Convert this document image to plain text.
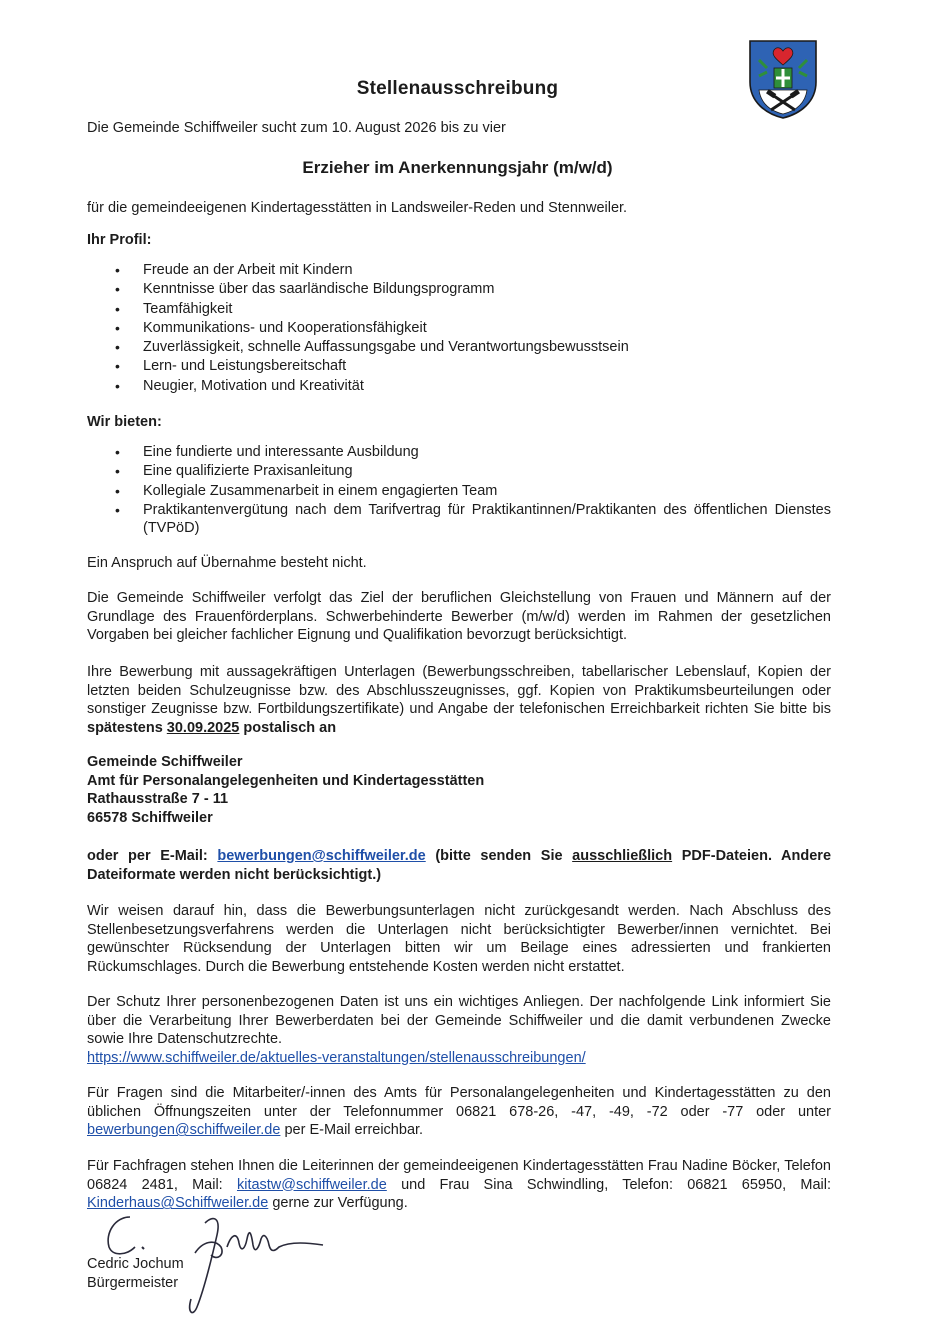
Stellenausschreibung
Die Gemeinde Schiffweiler sucht zum 10. August 2026 bis zu vier
Erzieher im Anerkennungsjahr (m/w/d)
für die gemeindeeigenen Kindertagesstätten in Landsweiler-Reden und Stennweiler.
Ihr Profil:
• Freude an der Arbeit mit Kindern
• Kenntnisse über das saarländische Bildungsprogramm
• Teamfähigkeit
• Kommunikations- und Kooperationsfähigkeit
• Zuverlässigkeit, schnelle Auffassungsgabe und Verantwortungsbewusstsein
• Lern- und Leistungsbereitschaft
• Neugier, Motivation und Kreativität
Wir bieten:
• Eine fundierte und interessante Ausbildung
• Eine qualifizierte Praxisanleitung
• Kollegiale Zusammenarbeit in einem engagierten Team
• Praktikantenvergütung nach dem Tarifvertrag für Praktikantinnen/Praktikanten des öffentlichen Dienstes (TVPöD)
Ein Anspruch auf Übernahme besteht nicht.
Die Gemeinde Schiffweiler verfolgt das Ziel der beruflichen Gleichstellung von Frauen und Männern auf der Grundlage des Frauenförderplans. Schwerbehinderte Bewerber (m/w/d) werden im Rahmen der gesetzlichen Vorgaben bei gleicher fachlicher Eignung und Qualifikation bevorzugt berücksichtigt.
Ihre Bewerbung mit aussagekräftigen Unterlagen (Bewerbungsschreiben, tabellarischer Lebenslauf, Kopien der letzten beiden Schulzeugnisse bzw. des Abschlusszeugnisses, ggf. Kopien von Praktikumsbeurteilungen oder sonstiger Zeugnisse bzw. Fortbildungszertifikate) und Angabe der telefonischen Erreichbarkeit richten Sie bitte bis spätestens 30.09.2025 postalisch an
Gemeinde Schiffweiler
Amt für Personalangelegenheiten und Kindertagesstätten
Rathausstraße 7 - 11
66578 Schiffweiler
oder per E-Mail: bewerbungen@schiffweiler.de (bitte senden Sie ausschließlich PDF-Dateien. Andere Dateiformate werden nicht berücksichtigt.)
Wir weisen darauf hin, dass die Bewerbungsunterlagen nicht zurückgesandt werden. Nach Abschluss des Stellenbesetzungsverfahrens werden die Unterlagen nicht berücksichtigter Bewerber/innen vernichtet. Bei gewünschter Rücksendung der Unterlagen bitten wir um Beilage eines adressierten und frankierten Rückumschlages. Durch die Bewerbung entstehende Kosten werden nicht erstattet.
Der Schutz Ihrer personenbezogenen Daten ist uns ein wichtiges Anliegen. Der nachfolgende Link informiert Sie über die Verarbeitung Ihrer Bewerberdaten bei der Gemeinde Schiffweiler und die damit verbundenen Zwecke sowie Ihre Datenschutzrechte.
https://www.schiffweiler.de/aktuelles-veranstaltungen/stellenausschreibungen/
Für Fragen sind die Mitarbeiter/-innen des Amts für Personalangelegenheiten und Kindertagesstätten zu den üblichen Öffnungszeiten unter der Telefonnummer 06821 678-26, -47, -49, -72 oder -77 oder unter bewerbungen@schiffweiler.de per E-Mail erreichbar.
Für Fachfragen stehen Ihnen die Leiterinnen der gemeindeeigenen Kindertagesstätten Frau Nadine Böcker, Telefon 06824 2481, Mail: kitastw@schiffweiler.de und Frau Sina Schwindling, Telefon: 06821 65950, Mail: Kinderhaus@Schiffweiler.de gerne zur Verfügung.
Cedric Jochum
Bürgermeister
